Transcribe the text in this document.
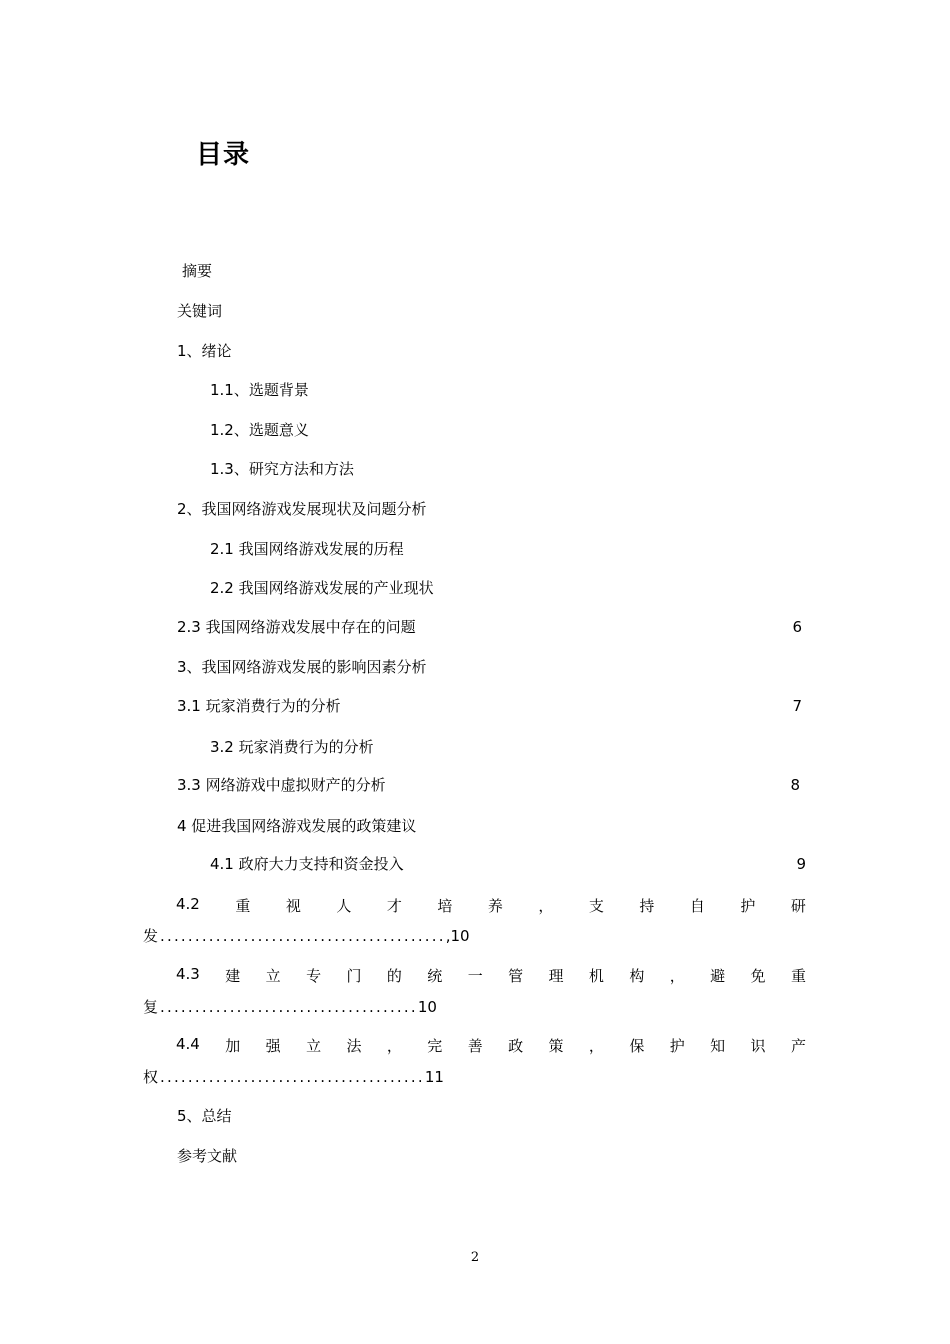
目录
摘要
关键词
1、绪论
1.1、选题背景
1.2、选题意义
1.3、研究方法和方法
2、我国网络游戏发展现状及问题分析
2.1 我国网络游戏发展的历程
2.2 我国网络游戏发展的产业现状
2.3 我国网络游戏发展中存在的问题	6
3、我国网络游戏发展的影响因素分析
3.1 玩家消费行为的分析	7
3.2 玩家消费行为的分析
3.3 网络游戏中虚拟财产的分析	8
4 促进我国网络游戏发展的政策建议
4.1 政府大力支持和资金投入	9
4.2 重 视 人 才 培 养 ， 支 持 自 护 研
发 ......................................... ,10
4.3 建 立 专 门 的 统 一 管 理 机 构 ， 避 免 重
复 ..................................... 10
4.4 加 强 立 法 ， 完 善 政 策 ， 保 护 知 识 产
权 ...................................... 11
5、总结
参考文献
2
